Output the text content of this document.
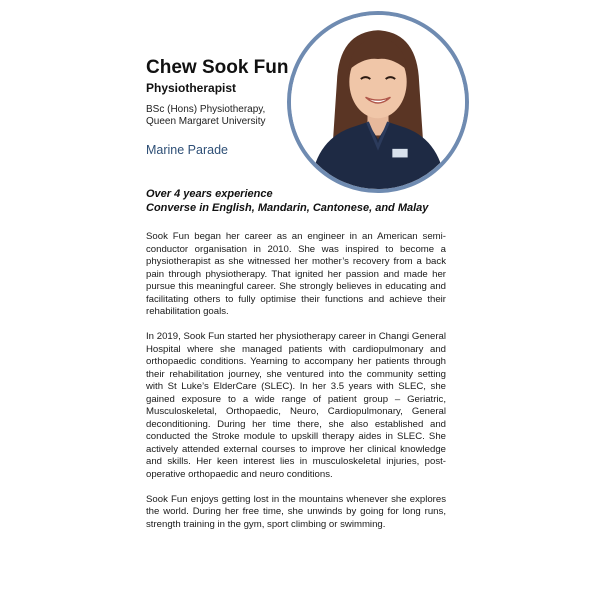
Chew Sook Fun
Physiotherapist
BSc (Hons) Physiotherapy,
Queen Margaret University
Marine Parade
Over 4 years experience
Converse in English, Mandarin, Cantonese, and Malay

Sook Fun began her career as an engineer in an American semi-conductor organisation in 2010. She was inspired to become a physiotherapist as she witnessed her mother’s recovery from a back pain through physiotherapy. That ignited her passion and made her pursue this meaningful career. She strongly believes in educating and facilitating others to fully optimise their functions and achieve their rehabilitation goals.

In 2019, Sook Fun started her physiotherapy career in Changi General Hospital where she managed patients with cardiopulmonary and orthopaedic conditions. Yearning to accompany her patients through their rehabilitation journey, she ventured into the community setting with St Luke’s ElderCare (SLEC). In her 3.5 years with SLEC, she gained exposure to a wide range of patient group – Geriatric, Musculoskeletal, Orthopaedic, Neuro, Cardiopulmonary, General deconditioning. During her time there, she also established and conducted the Stroke module to upskill therapy aides in SLEC. She actively attended external courses to improve her clinical knowledge and skills. Her keen interest lies in musculoskeletal injuries, post-operative orthopaedic and neuro conditions.

Sook Fun enjoys getting lost in the mountains whenever she explores the world. During her free time, she unwinds by going for long runs, strength training in the gym, sport climbing or swimming.
